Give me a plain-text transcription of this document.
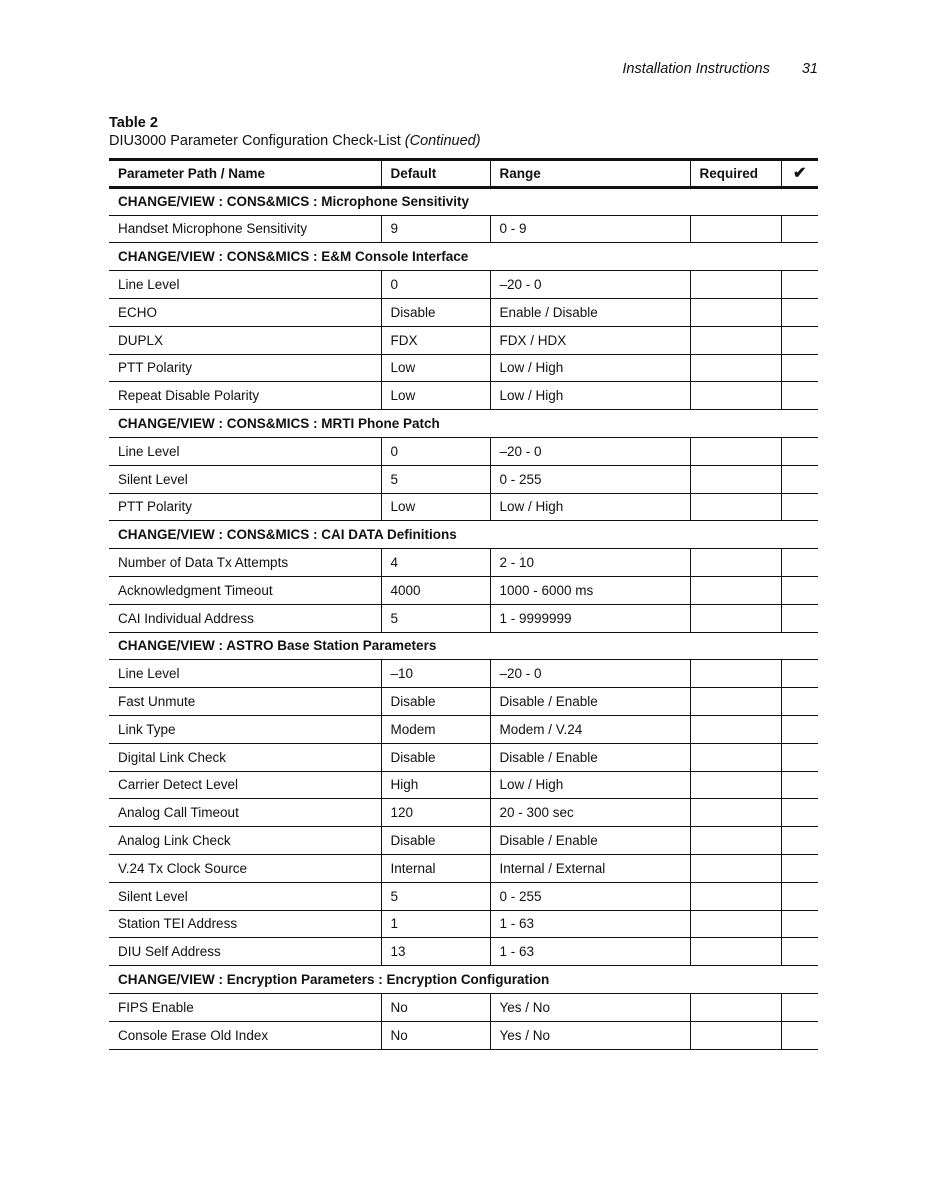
Installation Instructions 31
Table 2
DIU3000 Parameter Configuration Check-List (Continued)
Parameter Path / Name	Default	Range	Required	✔
CHANGE/VIEW : CONS&MICS : Microphone Sensitivity				
Handset Microphone Sensitivity	9	0 - 9		
CHANGE/VIEW : CONS&MICS : E&M Console Interface				
Line Level	0	–20 - 0		
ECHO	Disable	Enable / Disable		
DUPLX	FDX	FDX / HDX		
PTT Polarity	Low	Low / High		
Repeat Disable Polarity	Low	Low / High		
CHANGE/VIEW : CONS&MICS : MRTI Phone Patch				
Line Level	0	–20 - 0		
Silent Level	5	0 - 255		
PTT Polarity	Low	Low / High		
CHANGE/VIEW : CONS&MICS : CAI DATA Definitions				
Number of Data Tx Attempts	4	2 - 10		
Acknowledgment Timeout	4000	1000 - 6000 ms		
CAI Individual Address	5	1 - 9999999		
CHANGE/VIEW : ASTRO Base Station Parameters				
Line Level	–10	–20 - 0		
Fast Unmute	Disable	Disable / Enable		
Link Type	Modem	Modem / V.24		
Digital Link Check	Disable	Disable / Enable		
Carrier Detect Level	High	Low / High		
Analog Call Timeout	120	20 - 300 sec		
Analog Link Check	Disable	Disable / Enable		
V.24 Tx Clock Source	Internal	Internal / External		
Silent Level	5	0 - 255		
Station TEI Address	1	1 - 63		
DIU Self Address	13	1 - 63		
CHANGE/VIEW : Encryption Parameters : Encryption Configuration				
FIPS Enable	No	Yes / No		
Console Erase Old Index	No	Yes / No		
